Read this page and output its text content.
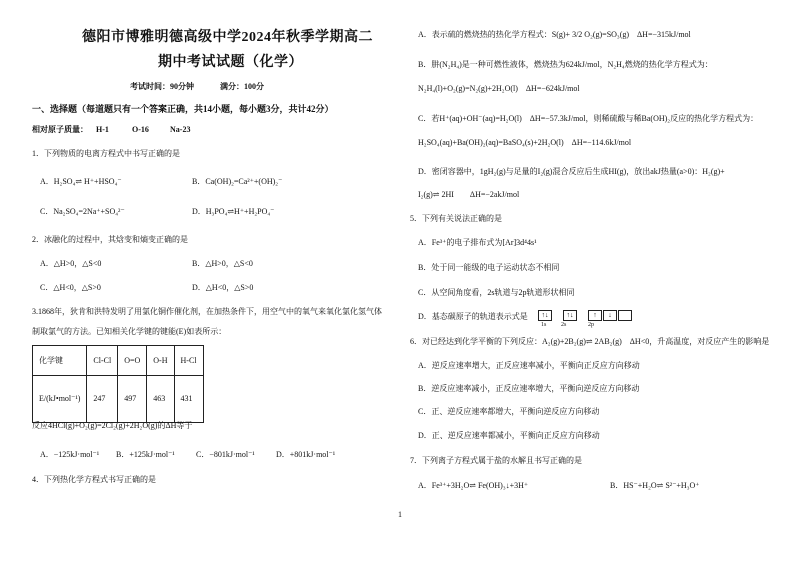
德阳市博雅明德高级中学2024年秋季学期高二
期中考试试题（化学）
考试时间：90分钟	满分：100分
一、选择题（每道题只有一个答案正确，共14小题，每小题3分，共计42分）
相对原子质量： H-1	O-16	Na-23
1．下列物质的电离方程式中书写正确的是
A．H₂SO₄⇌ H⁺+HSO₄⁻	B．Ca(OH)₂=Ca²⁺+(OH)₂⁻
C．Na₂SO₄=2Na⁺+SO₄²⁻	D．H₃PO₄⇌H⁺+H₂PO₄⁻
2．冰融化的过程中，其焓变和熵变正确的是
A．△H>0，△S<0	B．△H>0，△S<0
C．△H<0，△S>0	D．△H<0，△S>0
3.1868年，狄肯和洪特发明了用氯化铜作催化剂，在加热条件下，用空气中的氧气来氧化氯化氢气体
制取氯气的方法。已知相关化学键的键能(E)如表所示：
化学键	Cl-Cl	O=O	O-H	H-Cl
E/(kJ•mol⁻¹)	247	497	463	431
反应4HCl(g)+O₂(g)=2Cl₂(g)+2H₂O(g)的ΔH等于
A．−125kJ·mol⁻¹ B．+125kJ·mol⁻¹	C．−801kJ·mol⁻¹	D．+801kJ·mol⁻¹
4．下列热化学方程式书写正确的是
A．表示硫的燃烧热的热化学方程式：S(g)+ 3/2 O₂(g)=SO₃(g)　ΔH=−315kJ/mol
B．肼(N₂H₄)是一种可燃性液体，燃烧热为624kJ/mol，N₂H₄燃烧的热化学方程式为：
N₂H₄(l)+O₂(g)=N₂(g)+2H₂O(l)　ΔH=−624kJ/mol
C．若H⁺(aq)+OH⁻(aq)=H₂O(l)　ΔH=−57.3kJ/mol，则稀硫酸与稀Ba(OH)₂反应的热化学方程式为：
H₂SO₄(aq)+Ba(OH)₂(aq)=BaSO₄(s)+2H₂O(l)　ΔH=−114.6kJ/mol
D．密闭容器中，1gH₂(g)与足量的I₂(g)混合反应后生成HI(g)，放出akJ热量(a>0)：H₂(g)+
I₂(g)⇌ 2HI　　ΔH=−2akJ/mol
5．下列有关说法正确的是
A．Fe³⁺的电子排布式为[Ar]3d⁴4s¹
B．处于同一能级的电子运动状态不相同
C．从空间角度看，2s轨道与2p轨道形状相同
D．基态碳原子的轨道表示式是	↑↓	↑↓	↑ ↓
1s 2s	2p
6．对已经达到化学平衡的下列反应：A₂(g)+2B₂(g)⇌ 2AB₂(g)　ΔH<0，升高温度，对反应产生的影响是
A．逆反应速率增大，正反应速率减小，平衡向正反应方向移动
B．逆反应速率减小，正反应速率增大，平衡向逆反应方向移动
C．正、逆反应速率都增大，平衡向逆反应方向移动
D．正、逆反应速率都减小，平衡向正反应方向移动
7．下列离子方程式属于盐的水解且书写正确的是
A．Fe³⁺+3H₂O⇌ Fe(OH)₃↓+3H⁺	B．HS⁻+H₂O⇌ S²⁻+H₃O⁺
1
